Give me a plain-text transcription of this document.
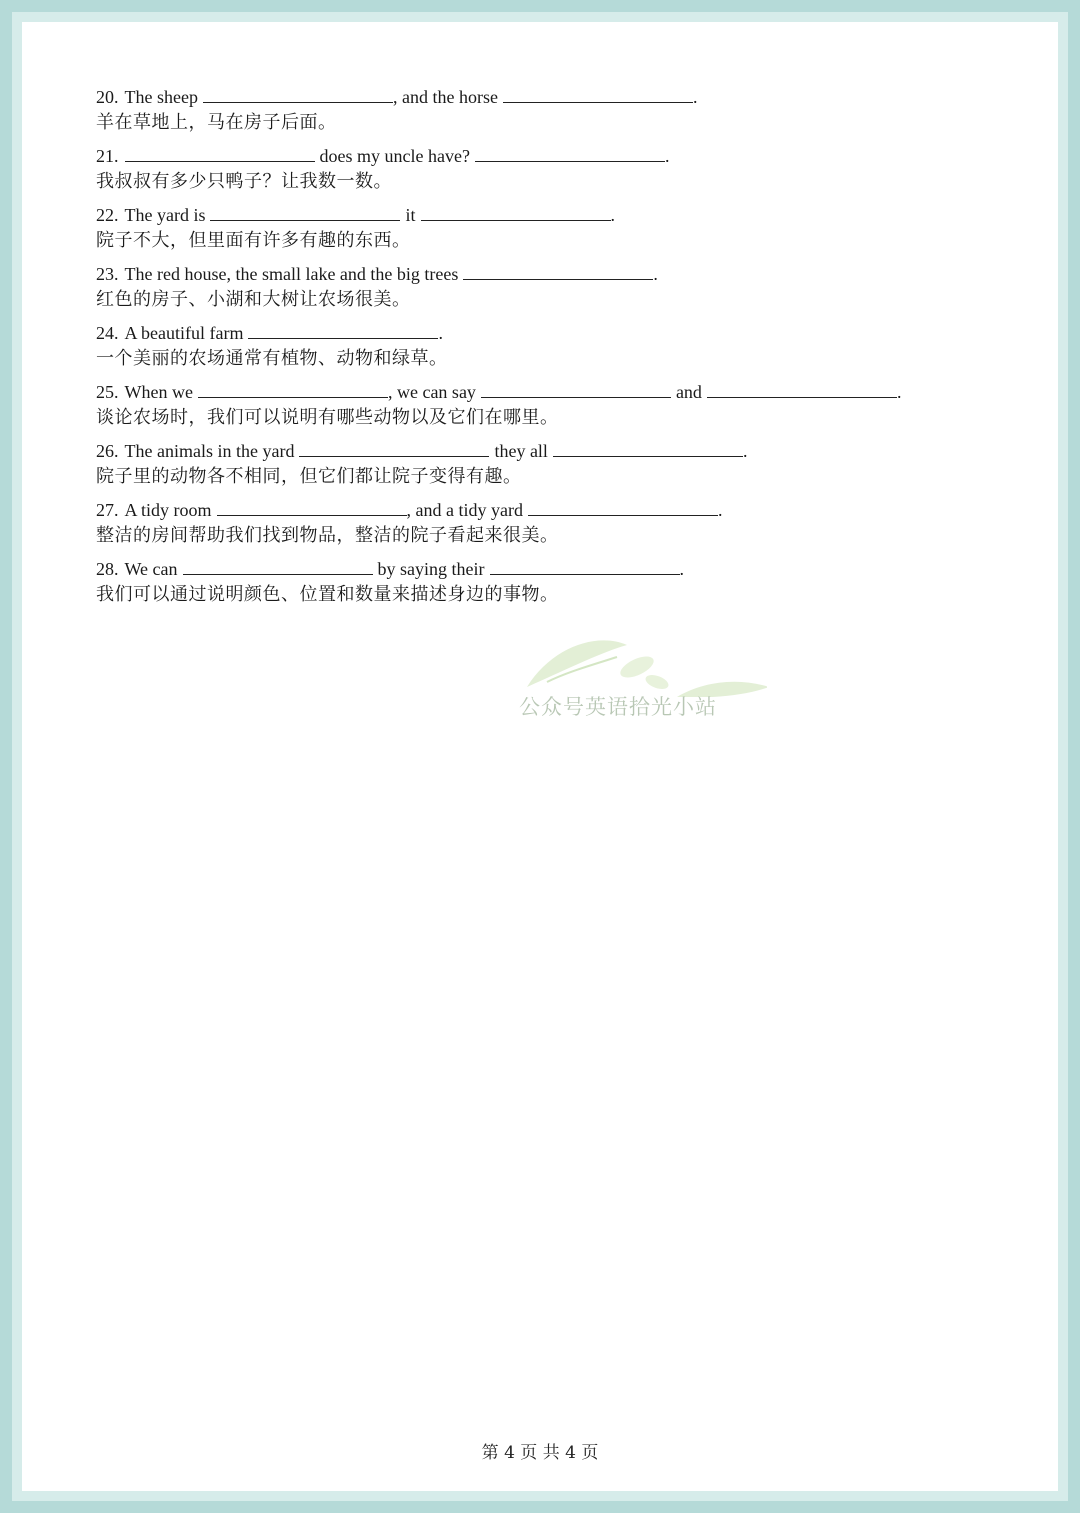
20. The sheep	, and the horse	.
羊在草地上，马在房子后面。
21.	does my uncle have?	.
我叔叔有多少只鸭子？让我数一数。
22. The yard is	it	.
院子不大，但里面有许多有趣的东西。
23. The red house, the small lake and the big trees	.
红色的房子、小湖和大树让农场很美。
24. A beautiful farm	.
一个美丽的农场通常有植物、动物和绿草。
25. When we	, we can say	and	.
谈论农场时，我们可以说明有哪些动物以及它们在哪里。
26. The animals in the yard	they all	.
院子里的动物各不相同，但它们都让院子变得有趣。
27. A tidy room	, and a tidy yard	.
整洁的房间帮助我们找到物品，整洁的院子看起来很美。
28. We can	by saying their	.
我们可以通过说明颜色、位置和数量来描述身边的事物。
公众号英语拾光小站
第 4 页 共 4 页
